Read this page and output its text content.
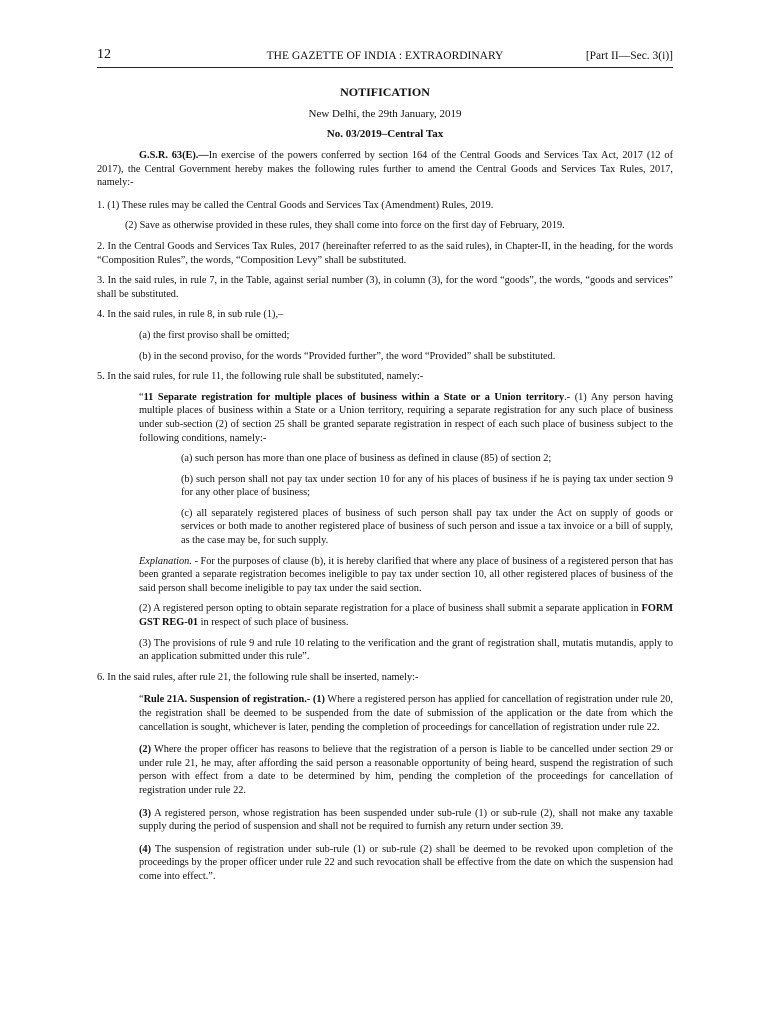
12	THE GAZETTE OF INDIA : EXTRAORDINARY	[Part II—Sec. 3(i)]
NOTIFICATION
New Delhi, the 29th January, 2019
No. 03/2019–Central Tax

G.S.R. 63(E).—In exercise of the powers conferred by section 164 of the Central Goods and Services Tax Act, 2017 (12 of 2017), the Central Government hereby makes the following rules further to amend the Central Goods and Services Tax Rules, 2017, namely:-

1. (1) These rules may be called the Central Goods and Services Tax (Amendment) Rules, 2019.

(2) Save as otherwise provided in these rules, they shall come into force on the first day of February, 2019.

2. In the Central Goods and Services Tax Rules, 2017 (hereinafter referred to as the said rules), in Chapter-II, in the heading, for the words “Composition Rules”, the words, “Composition Levy” shall be substituted.

3. In the said rules, in rule 7, in the Table, against serial number (3), in column (3), for the word “goods”, the words, “goods and services” shall be substituted.

4. In the said rules, in rule 8, in sub rule (1),–

(a) the first proviso shall be omitted;

(b) in the second proviso, for the words “Provided further”, the word “Provided” shall be substituted.

5. In the said rules, for rule 11, the following rule shall be substituted, namely:-

“11 Separate registration for multiple places of business within a State or a Union territory.- (1) Any person having multiple places of business within a State or a Union territory, requiring a separate registration for any such place of business under sub-section (2) of section 25 shall be granted separate registration in respect of each such place of business subject to the following conditions, namely:-

(a) such person has more than one place of business as defined in clause (85) of section 2;

(b) such person shall not pay tax under section 10 for any of his places of business if he is paying tax under section 9 for any other place of business;

(c) all separately registered places of business of such person shall pay tax under the Act on supply of goods or services or both made to another registered place of business of such person and issue a tax invoice or a bill of supply, as the case may be, for such supply.

Explanation. - For the purposes of clause (b), it is hereby clarified that where any place of business of a registered person that has been granted a separate registration becomes ineligible to pay tax under section 10, all other registered places of business of the said person shall become ineligible to pay tax under the said section.

(2) A registered person opting to obtain separate registration for a place of business shall submit a separate application in FORM GST REG-01 in respect of such place of business.

(3) The provisions of rule 9 and rule 10 relating to the verification and the grant of registration shall, mutatis mutandis, apply to an application submitted under this rule”.

6. In the said rules, after rule 21, the following rule shall be inserted, namely:-

“Rule 21A. Suspension of registration.- (1) Where a registered person has applied for cancellation of registration under rule 20, the registration shall be deemed to be suspended from the date of submission of the application or the date from which the cancellation is sought, whichever is later, pending the completion of proceedings for cancellation of registration under rule 22.

(2) Where the proper officer has reasons to believe that the registration of a person is liable to be cancelled under section 29 or under rule 21, he may, after affording the said person a reasonable opportunity of being heard, suspend the registration of such person with effect from a date to be determined by him, pending the completion of the proceedings for cancellation of registration under rule 22.

(3) A registered person, whose registration has been suspended under sub-rule (1) or sub-rule (2), shall not make any taxable supply during the period of suspension and shall not be required to furnish any return under section 39.

(4) The suspension of registration under sub-rule (1) or sub-rule (2) shall be deemed to be revoked upon completion of the proceedings by the proper officer under rule 22 and such revocation shall be effective from the date on which the suspension had come into effect.”.
